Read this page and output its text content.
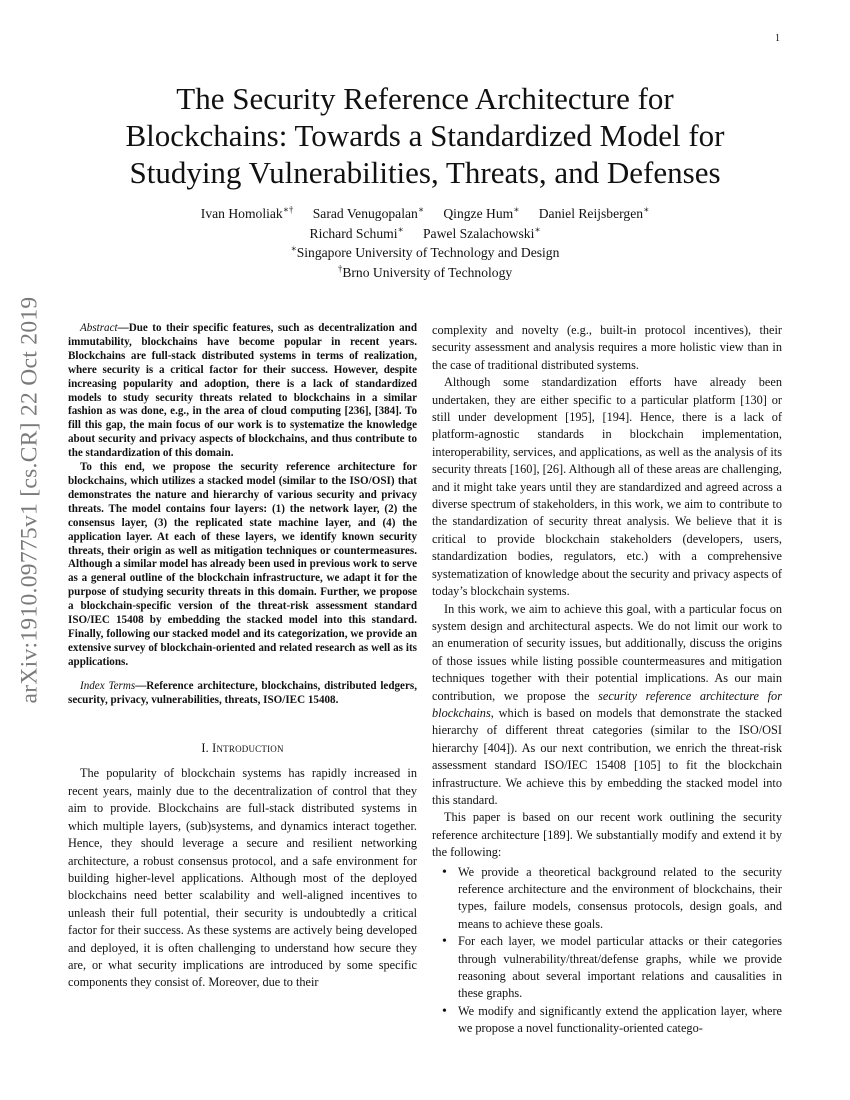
1
arXiv:1910.09775v1 [cs.CR] 22 Oct 2019
The Security Reference Architecture for
Blockchains: Towards a Standardized Model for
Studying Vulnerabilities, Threats, and Defenses
Ivan Homoliak∗† Sarad Venugopalan∗ Qingze Hum∗ Daniel Reijsbergen∗
Richard Schumi∗ Pawel Szalachowski∗
∗Singapore University of Technology and Design
†Brno University of Technology

Abstract—Due to their specific features, such as decentralization and immutability, blockchains have become popular in recent years. Blockchains are full-stack distributed systems in terms of realization, where security is a critical factor for their success. However, despite increasing popularity and adoption, there is a lack of standardized models to study security threats related to blockchains in a similar fashion as was done, e.g., in the area of cloud computing [236], [384]. To fill this gap, the main focus of our work is to systematize the knowledge about security and privacy aspects of blockchains, and thus contribute to the standardization of this domain.

To this end, we propose the security reference architecture for blockchains, which utilizes a stacked model (similar to the ISO/OSI) that demonstrates the nature and hierarchy of various security and privacy threats. The model contains four layers: (1) the network layer, (2) the consensus layer, (3) the replicated state machine layer, and (4) the application layer. At each of these layers, we identify known security threats, their origin as well as mitigation techniques or countermeasures. Although a similar model has already been used in previous work to serve as a general outline of the blockchain infrastructure, we adapt it for the purpose of studying security threats in this domain. Further, we propose a blockchain-specific version of the threat-risk assessment standard ISO/IEC 15408 by embedding the stacked model into this standard. Finally, following our stacked model and its categorization, we provide an extensive survey of blockchain-oriented and related research as well as its applications.

Index Terms—Reference architecture, blockchains, distributed ledgers, security, privacy, vulnerabilities, threats, ISO/IEC 15408.

I. Introduction

The popularity of blockchain systems has rapidly increased in recent years, mainly due to the decentralization of control that they aim to provide. Blockchains are full-stack distributed systems in which multiple layers, (sub)systems, and dynamics interact together. Hence, they should leverage a secure and resilient networking architecture, a robust consensus protocol, and a safe environment for building higher-level applications. Although most of the deployed blockchains need better scalability and well-aligned incentives to unleash their full potential, their security is undoubtedly a critical factor for their success. As these systems are actively being developed and deployed, it is often challenging to understand how secure they are, or what security implications are introduced by some specific components they consist of. Moreover, due to their

complexity and novelty (e.g., built-in protocol incentives), their security assessment and analysis requires a more holistic view than in the case of traditional distributed systems.

Although some standardization efforts have already been undertaken, they are either specific to a particular platform [130] or still under development [195], [194]. Hence, there is a lack of platform-agnostic standards in blockchain implementation, interoperability, services, and applications, as well as the analysis of its security threats [160], [26]. Although all of these areas are challenging, and it might take years until they are standardized and agreed across a diverse spectrum of stakeholders, in this work, we aim to contribute to the standardization of security threat analysis. We believe that it is critical to provide blockchain stakeholders (developers, users, standardization bodies, regulators, etc.) with a comprehensive systematization of knowledge about the security and privacy aspects of today’s blockchain systems.

In this work, we aim to achieve this goal, with a particular focus on system design and architectural aspects. We do not limit our work to an enumeration of security issues, but additionally, discuss the origins of those issues while listing possible countermeasures and mitigation techniques together with their potential implications. As our main contribution, we propose the security reference architecture for blockchains, which is based on models that demonstrate the stacked hierarchy of different threat categories (similar to the ISO/OSI hierarchy [404]). As our next contribution, we enrich the threat-risk assessment standard ISO/IEC 15408 [105] to fit the blockchain infrastructure. We achieve this by embedding the stacked model into this standard.

This paper is based on our recent work outlining the security reference architecture [189]. We substantially modify and extend it by the following:

• We provide a theoretical background related to the security reference architecture and the environment of blockchains, their types, failure models, consensus protocols, design goals, and means to achieve these goals.
• For each layer, we model particular attacks or their categories through vulnerability/threat/defense graphs, while we provide reasoning about several important relations and causalities in these graphs.
• We modify and significantly extend the application layer, where we propose a novel functionality-oriented catego-
